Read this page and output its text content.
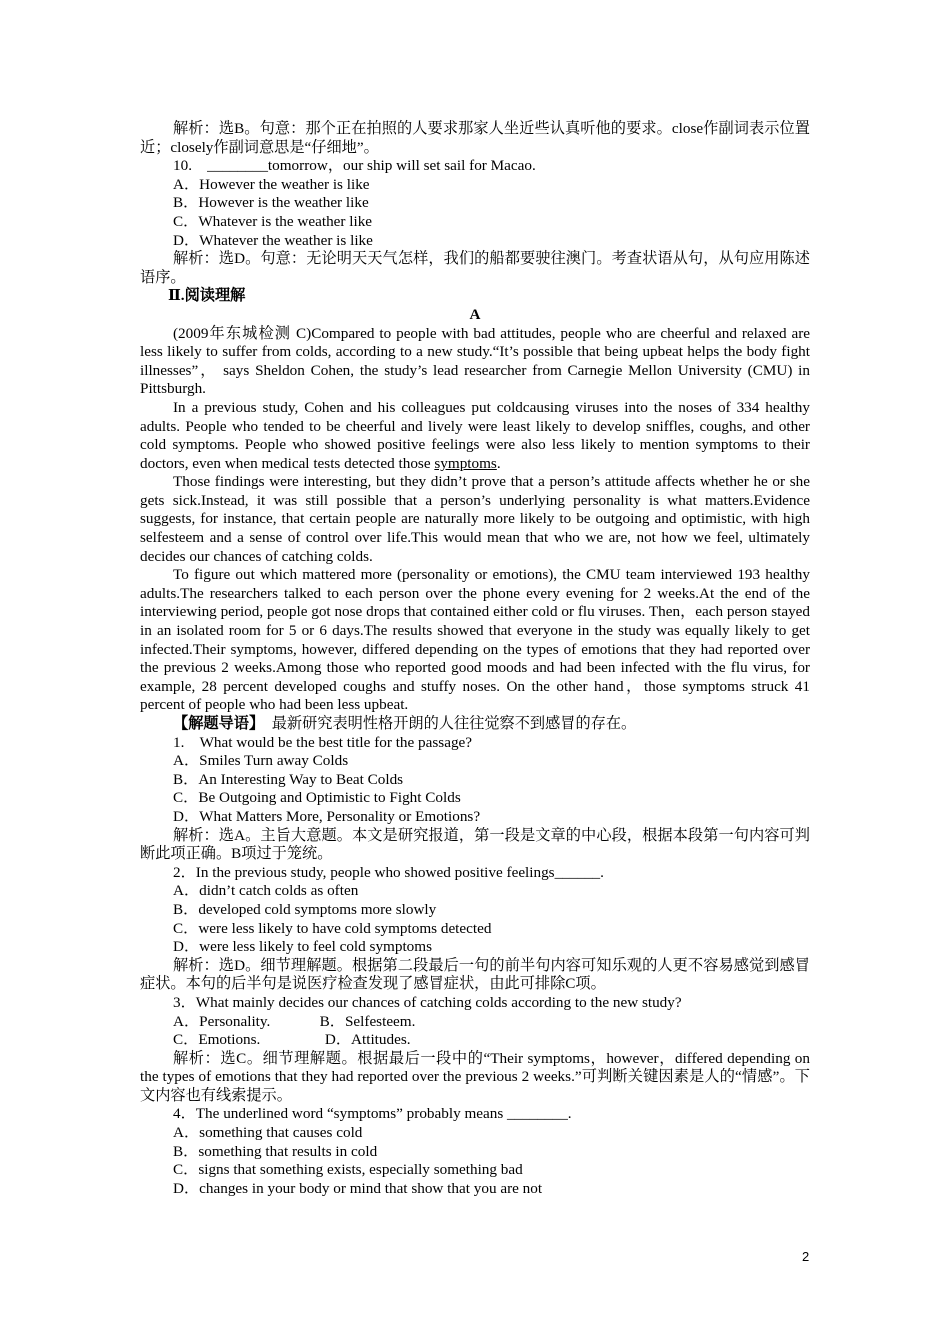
解析：选B。句意：那个正在拍照的人要求那家人坐近些认真听他的要求。close作副词表示位置近；closely作副词意思是“仔细地”。

10.　________tomorrow，our ship will set sail for Macao.

A．However the weather is like

B．However is the weather like

C．Whatever is the weather like

D．Whatever the weather is like

解析：选D。句意：无论明天天气怎样，我们的船都要驶往澳门。考查状语从句，从句应用陈述语序。

Ⅱ.阅读理解

A

(2009年东城检测 C)Compared to people with bad attitudes, people who are cheerful and relaxed are less likely to suffer from colds, according to a new study.“It’s possible that being upbeat helps the body fight illnesses”， says Sheldon Cohen, the study’s lead researcher from Carnegie Mellon University (CMU) in Pittsburgh.

In a previous study, Cohen and his colleagues put coldcausing viruses into the noses of 334 healthy adults. People who tended to be cheerful and lively were least likely to develop sniffles, coughs, and other cold symptoms. People who showed positive feelings were also less likely to mention symptoms to their doctors, even when medical tests detected those symptoms.

Those findings were interesting, but they didn’t prove that a person’s attitude affects whether he or she gets sick.Instead, it was still possible that a person’s underlying personality is what matters.Evidence suggests, for instance, that certain people are naturally more likely to be outgoing and optimistic, with high selfesteem and a sense of control over life.This would mean that who we are, not how we feel, ultimately decides our chances of catching colds.

To figure out which mattered more (personality or emotions), the CMU team interviewed 193 healthy adults.The researchers talked to each person over the phone every evening for 2 weeks.At the end of the interviewing period, people got nose drops that contained either cold or flu viruses. Then，each person stayed in an isolated room for 5 or 6 days.The results showed that everyone in the study was equally likely to get infected.Their symptoms, however, differed depending on the types of emotions that they had reported over the previous 2 weeks.Among those who reported good moods and had been infected with the flu virus, for example, 28 percent developed coughs and stuffy noses. On the other hand，those symptoms struck 41 percent of people who had been less upbeat.

【解题导语】　最新研究表明性格开朗的人往往觉察不到感冒的存在。

1.　What would be the best title for the passage?

A．Smiles Turn away Colds

B．An Interesting Way to Beat Colds

C．Be Outgoing and Optimistic to Fight Colds

D．What Matters More, Personality or Emotions?

解析：选A。主旨大意题。本文是研究报道，第一段是文章的中心段，根据本段第一句内容可判断此项正确。B项过于笼统。

2．In the previous study, people who showed positive feelings______.

A．didn’t catch colds as often

B．developed cold symptoms more slowly

C．were less likely to have cold symptoms detected

D．were less likely to feel cold symptoms

解析：选D。细节理解题。根据第二段最后一句的前半句内容可知乐观的人更不容易感觉到感冒症状。本句的后半句是说医疗检查发现了感冒症状，由此可排除C项。

3．What mainly decides our chances of catching colds according to the new study?

A．Personality.　　　 B．Selfesteem.

C．Emotions.　　　　 D．Attitudes.

解析：选C。细节理解题。根据最后一段中的“Their symptoms，however，differed depending on the types of emotions that they had reported over the previous 2 weeks.”可判断关键因素是人的“情感”。下文内容也有线索提示。

4．The underlined word “symptoms” probably means ________.

A．something that causes cold

B．something that results in cold

C．signs that something exists, especially something bad

D．changes in your body or mind that show that you are not

2
